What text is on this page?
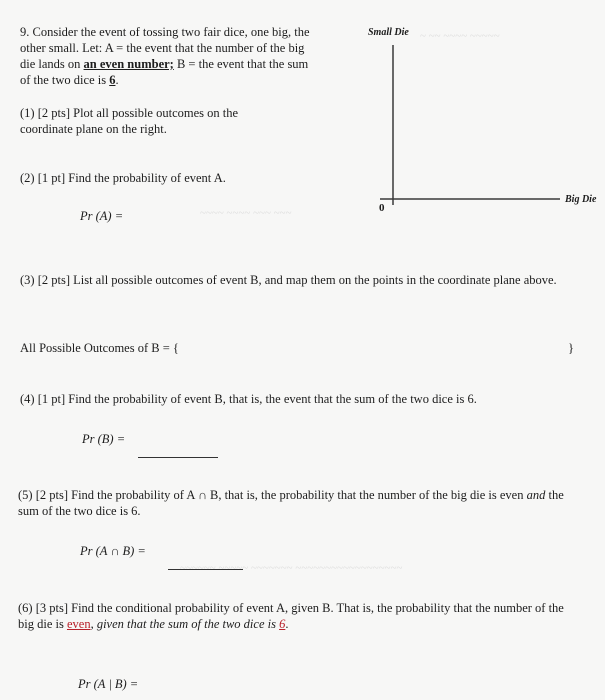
~ ~~ ~~~~ ~~~~~
~~~~ ~~~~ ~~~ ~~~
~~~~~~ ~~~~~ ~~~~~~~ ~~~~~~~~~~~~~~~~~~
9. Consider the event of tossing two fair dice, one big, the other small. Let: A = the event that the number of the big die lands on an even number; B = the event that the sum of the two dice is 6.
(1) [2 pts] Plot all possible outcomes on the coordinate plane on the right.
(2) [1 pt] Find the probability of event A.
Pr (A) =
Small Die
Big Die
0
(3) [2 pts] List all possible outcomes of event B, and map them on the points in the coordinate plane above.
All Possible Outcomes of B = {	}
(4) [1 pt] Find the probability of event B, that is, the event that the sum of the two dice is 6.
Pr (B) =
(5) [2 pts] Find the probability of A ∩ B, that is, the probability that the number of the big die is even and the sum of the two dice is 6.
Pr (A ∩ B) =
(6) [3 pts] Find the conditional probability of event A, given B. That is, the probability that the number of the big die is even, given that the sum of the two dice is 6.
Pr (A | B) =
